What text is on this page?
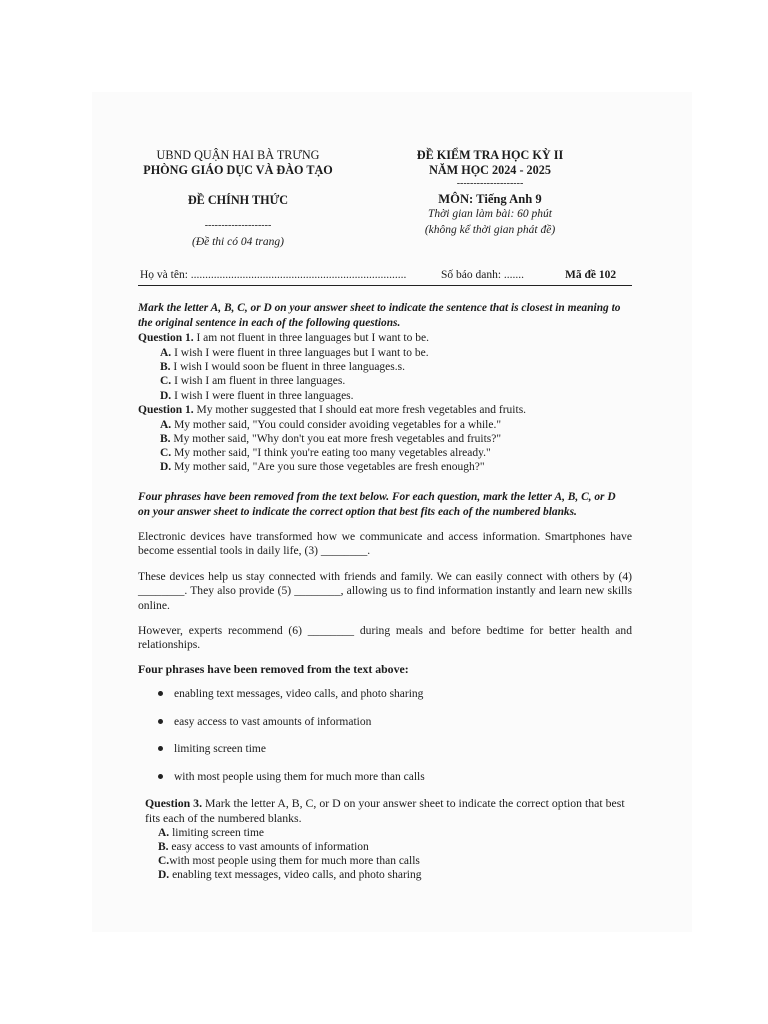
UBND QUẬN HAI BÀ TRƯNG
PHÒNG GIÁO DỤC VÀ ĐÀO TẠO
ĐỀ CHÍNH THỨC
--------------------
(Đề thi có 04 trang)
ĐỀ KIỂM TRA HỌC KỲ II
NĂM HỌC 2024 - 2025
--------------------
MÔN: Tiếng Anh 9
Thời gian làm bài: 60 phút
(không kể thời gian phát đề)
Họ và tên: ...........................................................................	Số báo danh: .......	Mã đề 102
Mark the letter A, B, C, or D on your answer sheet to indicate the sentence that is closest in meaning to
the original sentence in each of the following questions.
Question 1. I am not fluent in three languages but I want to be.
A. I wish I were fluent in three languages but I want to be.
B. I wish I would soon be fluent in three languages.s.
C. I wish I am fluent in three languages.
D. I wish I were fluent in three languages.
Question 1. My mother suggested that I should eat more fresh vegetables and fruits.
A. My mother said, "You could consider avoiding vegetables for a while."
B. My mother said, "Why don't you eat more fresh vegetables and fruits?"
C. My mother said, "I think you're eating too many vegetables already."
D. My mother said, "Are you sure those vegetables are fresh enough?"
Four phrases have been removed from the text below. For each question, mark the letter A, B, C, or D
on your answer sheet to indicate the correct option that best fits each of the numbered blanks.
Electronic devices have transformed how we communicate and access information. Smartphones have become essential tools in daily life, (3) ________.
These devices help us stay connected with friends and family. We can easily connect with others by (4) ________. They also provide (5) ________, allowing us to find information instantly and learn new skills online.
However, experts recommend (6) ________ during meals and before bedtime for better health and relationships.
Four phrases have been removed from the text above:
enabling text messages, video calls, and photo sharing
easy access to vast amounts of information
limiting screen time
with most people using them for much more than calls
Question 3. Mark the letter A, B, C, or D on your answer sheet to indicate the correct option that best
fits each of the numbered blanks.
A. limiting screen time
B. easy access to vast amounts of information
C.with most people using them for much more than calls
D. enabling text messages, video calls, and photo sharing
